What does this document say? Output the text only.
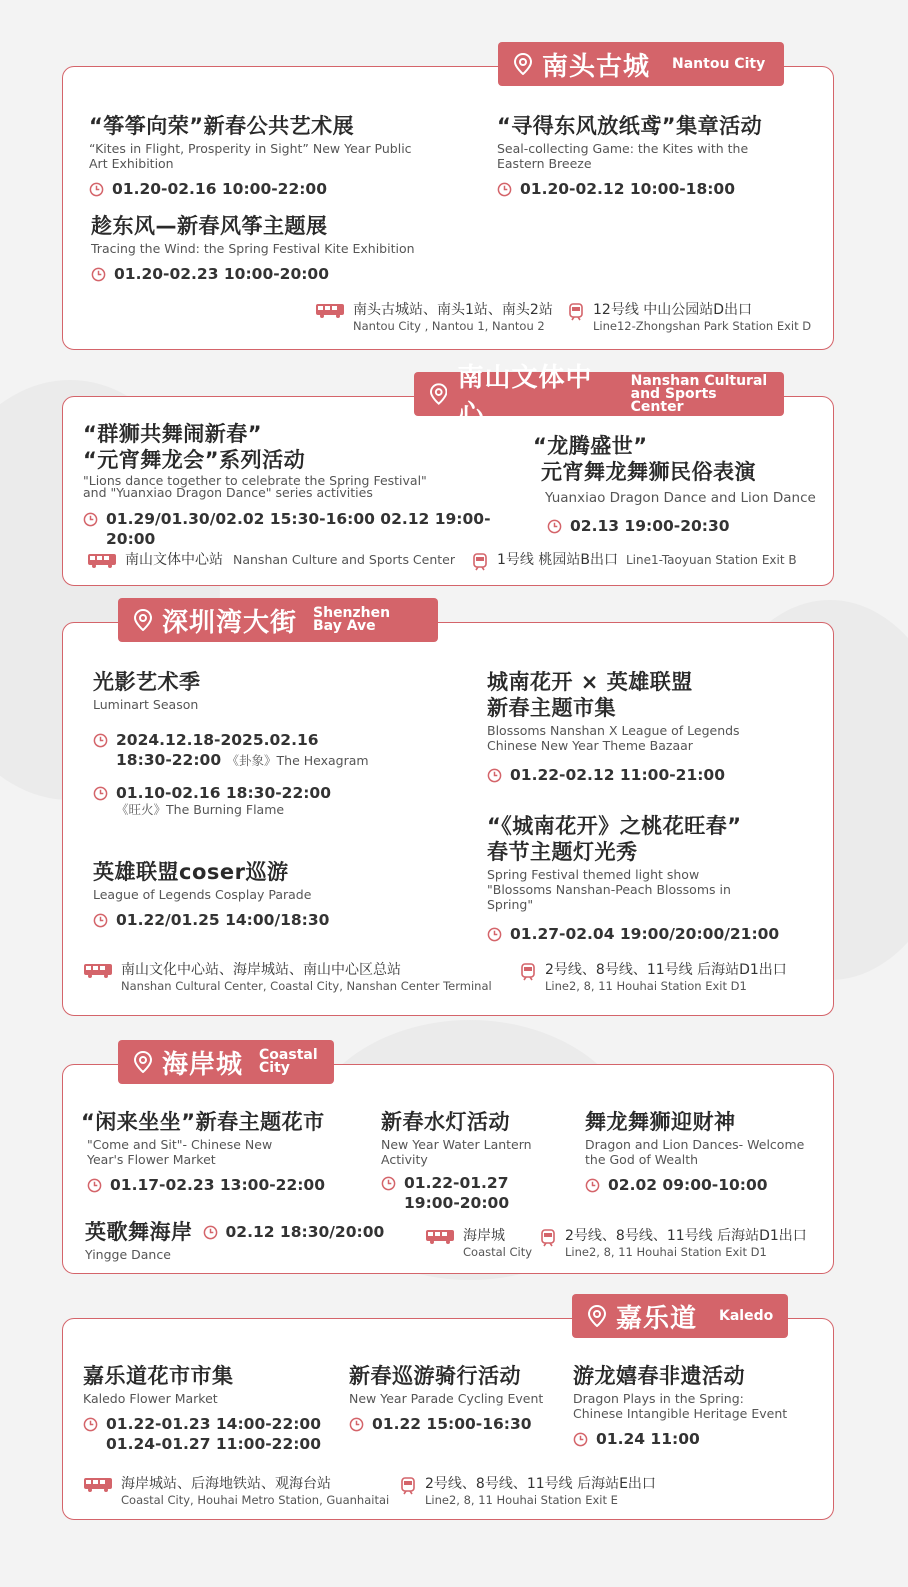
“筝筝向荣”新春公共艺术展
“Kites in Flight, Prosperity in Sight” New Year Public Art Exhibition
01.20-02.16 10:00-22:00
“寻得东风放纸鸢”集章活动
Seal-collecting Game: the Kites with the Eastern Breeze
01.20-02.12 10:00-18:00
趁东风—新春风筝主题展
Tracing the Wind: the Spring Festival Kite Exhibition
01.20-02.23 10:00-20:00
南头古城站、南头1站、南头2站
Nantou City , Nantou 1, Nantou 2
12号线 中山公园站D出口
Line12-Zhongshan Park Station Exit D
南头古城 Nantou City
“群狮共舞闹新春”
“元宵舞龙会”系列活动
"Lions dance together to celebrate the Spring Festival" and "Yuanxiao Dragon Dance" series activities
01.29/01.30/02.02 15:30-16:00 02.12 19:00-20:00
“龙腾盛世”
元宵舞龙舞狮民俗表演
Yuanxiao Dragon Dance and Lion Dance
02.13 19:00-20:30
南山文体中心站 Nanshan Culture and Sports Center	1号线 桃园站B出口 Line1-Taoyuan Station Exit B
南山文体中心
Nanshan Cultural
and Sports Center
光影艺术季
Luminart Season
2024.12.18-2025.02.16
18:30-22:00 《卦象》The Hexagram
01.10-02.16 18:30-22:00
《旺火》The Burning Flame
英雄联盟coser巡游
League of Legends Cosplay Parade
01.22/01.25 14:00/18:30
城南花开 × 英雄联盟
新春主题市集
Blossoms Nanshan X League of Legends Chinese New Year Theme Bazaar
01.22-02.12 11:00-21:00
“《城南花开》之桃花旺春”
春节主题灯光秀
Spring Festival themed light show "Blossoms Nanshan-Peach Blossoms in Spring"
01.27-02.04 19:00/20:00/21:00
南山文化中心站、海岸城站、南山中心区总站
Nanshan Cultural Center, Coastal City, Nanshan Center Terminal
2号线、8号线、11号线 后海站D1出口
Line2, 8, 11 Houhai Station Exit D1
深圳湾大街 Shenzhen
Bay Ave
“闲来坐坐”新春主题花市
"Come and Sit"- Chinese New Year's Flower Market
01.17-02.23 13:00-22:00
新春水灯活动
New Year Water Lantern Activity
01.22-01.27
19:00-20:00
舞龙舞狮迎财神
Dragon and Lion Dances- Welcome the God of Wealth
02.02 09:00-10:00
英歌舞海岸 02.12 18:30/20:00
Yingge Dance
海岸城
Coastal City
2号线、8号线、11号线 后海站D1出口
Line2, 8, 11 Houhai Station Exit D1
海岸城 Coastal
City
嘉乐道花市市集
Kaledo Flower Market
01.22-01.23 14:00-22:00
01.24-01.27 11:00-22:00
新春巡游骑行活动
New Year Parade Cycling Event
01.22 15:00-16:30
游龙嬉春非遗活动
Dragon Plays in the Spring: Chinese Intangible Heritage Event
01.24 11:00
海岸城站、后海地铁站、观海台站
Coastal City, Houhai Metro Station, Guanhaitai
2号线、8号线、11号线 后海站E出口
Line2, 8, 11 Houhai Station Exit E
嘉乐道 Kaledo
